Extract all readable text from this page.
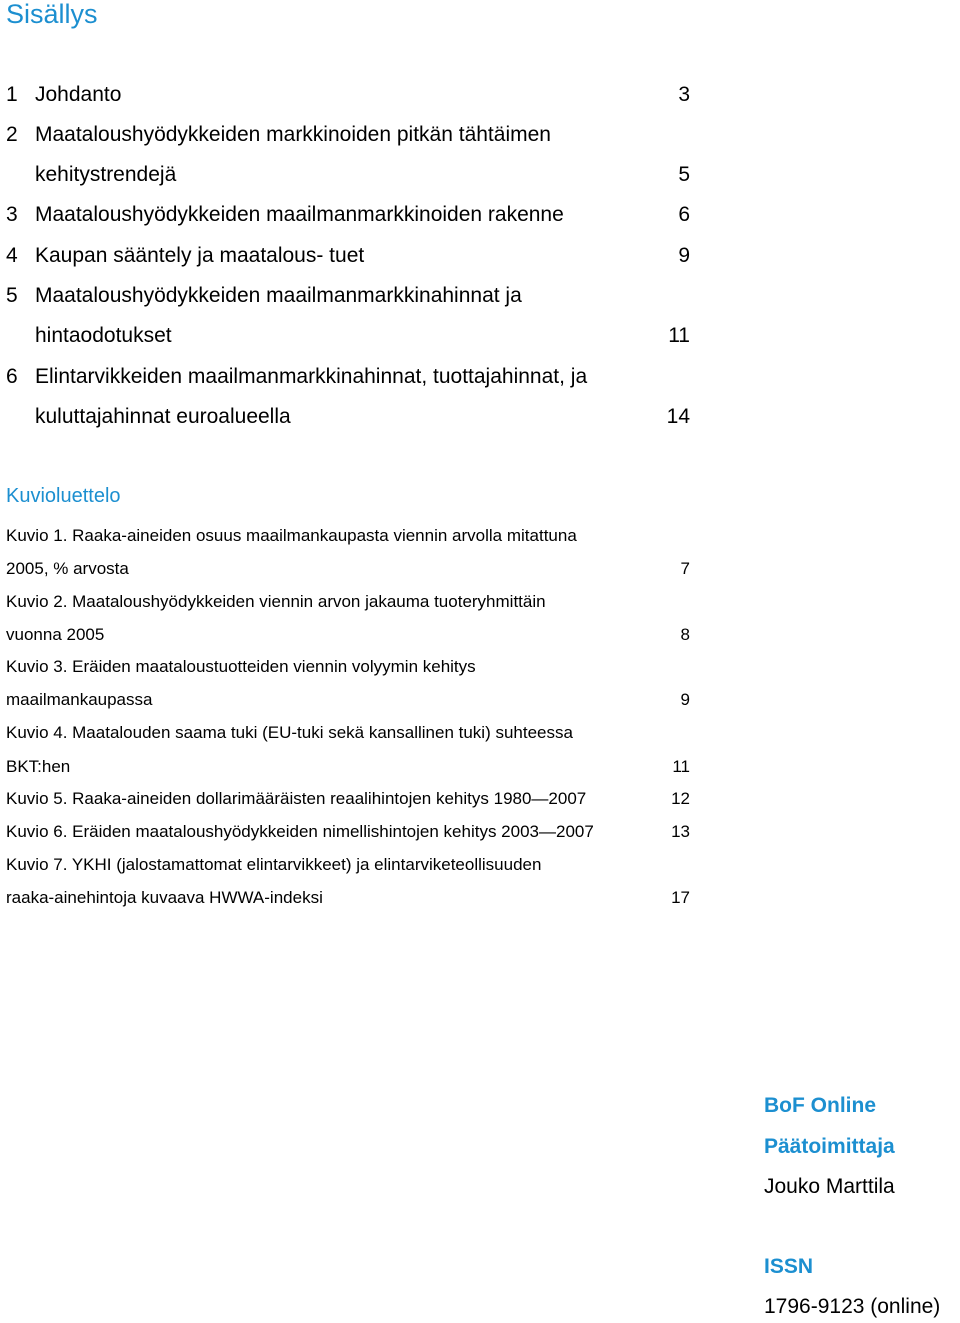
Sisällys
1 Johdanto	3
2 Maataloushyödykkeiden markkinoiden pitkän tähtäimen
kehitystrendejä	5
3 Maataloushyödykkeiden maailmanmarkkinoiden rakenne	6
4 Kaupan sääntely ja maatalous- tuet	9
5 Maataloushyödykkeiden maailmanmarkkinahinnat ja
hintaodotukset	11
6 Elintarvikkeiden maailmanmarkkinahinnat, tuottajahinnat, ja
kuluttajahinnat euroalueella	14
Kuvioluettelo
Kuvio 1. Raaka-aineiden osuus maailmankaupasta viennin arvolla mitattuna
2005, % arvosta	7
Kuvio 2. Maataloushyödykkeiden viennin arvon jakauma tuoteryhmittäin
vuonna 2005	8
Kuvio 3. Eräiden maataloustuotteiden viennin volyymin kehitys
maailmankaupassa	9
Kuvio 4. Maatalouden saama tuki (EU-tuki sekä kansallinen tuki) suhteessa
BKT:hen	11
Kuvio 5. Raaka-aineiden dollarimääräisten reaalihintojen kehitys 1980—2007	12
Kuvio 6. Eräiden maataloushyödykkeiden nimellishintojen kehitys 2003—2007	13
Kuvio 7. YKHI (jalostamattomat elintarvikkeet) ja elintarviketeollisuuden
raaka-ainehintoja kuvaava HWWA-indeksi	17
BoF Online
Päätoimittaja
Jouko Marttila
ISSN
1796-9123 (online)
